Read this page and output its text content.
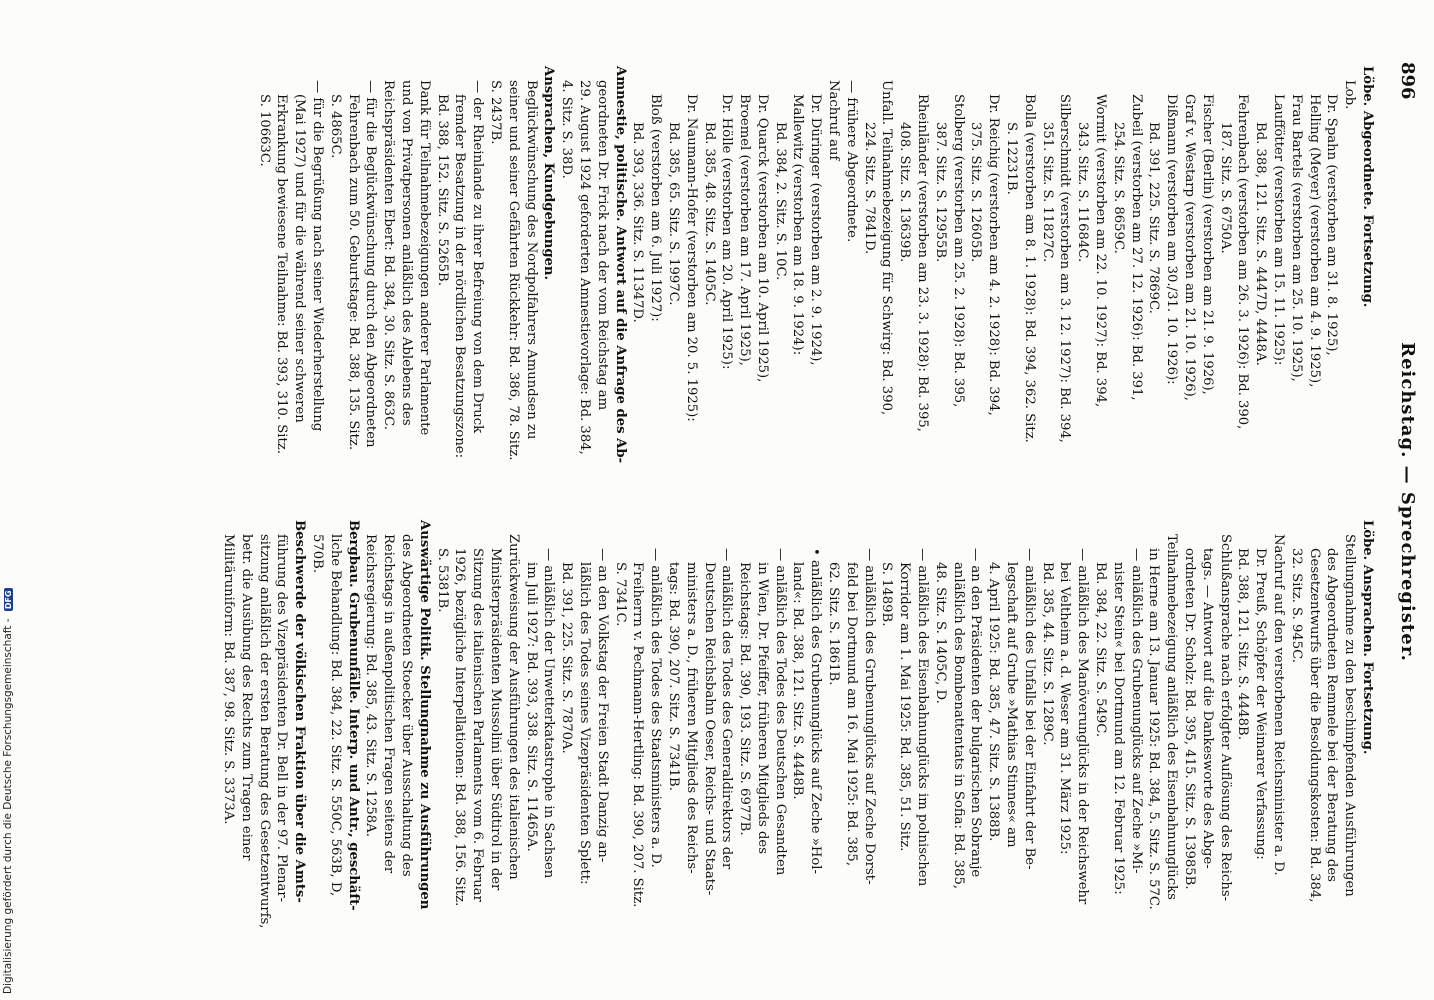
896
Reichstag. — Sprechregister.
Löbe. Abgeordnete. Fortsetzung.
Lob.
Dr. Spahn (verstorben am 31. 8. 1925),
Helling (Meyer) (verstorben am 4. 9. 1925),
Frau Bartels (verstorben am 25. 10. 1925),
Lauffötter (verstorben am 15. 11. 1925):
Bd. 388, 121. Sitz. S. 4447D, 4448A.
Fehrenbach (verstorben am 26. 3. 1926): Bd. 390,
187. Sitz. S. 6750A.
Fischer (Berlin) (verstorben am 21. 9. 1926),
Graf v. Westarp (verstorben am 21. 10. 1926),
Dißmann (verstorben am 30./31. 10. 1926):
Bd. 391, 225. Sitz. S. 7869C.
Zubeil (verstorben am 27. 12. 1926): Bd. 391,
254. Sitz. S. 8659C.
Wormit (verstorben am 22. 10. 1927): Bd. 394,
343. Sitz. S. 11684C.
Silberschmidt (verstorben am 3. 12. 1927): Bd. 394,
351. Sitz. S. 11827C.
Bolla (verstorben am 8. 1. 1928): Bd. 394, 362. Sitz.
S. 12231B.
Dr. Reichig (verstorben am 4. 2. 1928): Bd. 394,
375. Sitz. S. 12605B.
Stolberg (verstorben am 25. 2. 1928): Bd. 395,
387. Sitz. S. 12955B.
Rheinländer (verstorben am 23. 3. 1928): Bd. 395,
408. Sitz. S. 13639B.
Unfall. Teilnahmebezeigung für Schwirg: Bd. 390,
224. Sitz. S. 7841D.
— frühere Abgeordnete.
Nachruf auf
Dr. Düringer (verstorben am 2. 9. 1924),
Mallewitz (verstorben am 18. 9. 1924):
Bd. 384, 2. Sitz. S. 10C.
Dr. Quarck (verstorben am 10. April 1925),
Broemel (verstorben am 17. April 1925),
Dr. Hölle (verstorben am 20. April 1925):
Bd. 385, 48. Sitz. S. 1405C.
Dr. Naumann-Hofer (verstorben am 20. 5. 1925):
Bd. 385, 65. Sitz. S. 1997C.
Bloß (verstorben am 6. Juli 1927):
Bd. 393, 336. Sitz. S. 11347D.
Amnestie, politische. Antwort auf die Anfrage des Ab-
geordneten Dr. Frick nach der vom Reichstag am
29. August 1924 geforderten Amnestievorlage: Bd. 384,
4. Sitz. S. 38D.
Ansprachen, Kundgebungen.
Beglückwünschung des Nordpolfahrers Amundsen zu
seiner und seiner Gefährten Rückkehr: Bd. 386, 78. Sitz.
S. 2437B.
— der Rheinlande zu ihrer Befreiung von dem Druck
fremder Besatzung in der nördlichen Besatzungszone:
Bd. 388, 152. Sitz. S. 5265B.
Dank für Teilnahmebezeigungen anderer Parlamente
und von Privatpersonen anläßlich des Ablebens des
Reichspräsidenten Ebert: Bd. 384, 30. Sitz. S. 863C.
— für die Beglückwünschung durch den Abgeordneten
Fehrenbach zum 50. Geburtstage: Bd. 388, 135. Sitz.
S. 4865C.
— für die Begrüßung nach seiner Wiederherstellung
(Mai 1927) und für die während seiner schweren
Erkrankung bewiesene Teilnahme: Bd. 393, 310. Sitz.
S. 10663C.
Löbe. Ansprachen. Fortsetzung.
Stellungnahme zu den beschimpfenden Ausführungen
des Abgeordneten Remmele bei der Beratung des
Gesetzentwurfs über die Besoldungskosten: Bd. 384,
32. Sitz. S. 945C.
Nachruf auf den verstorbenen Reichsminister a. D.
Dr. Preuß, Schöpfer der Weimarer Verfassung:
Bd. 388, 121. Sitz. S. 4448B.
Schlußansprache nach erfolgter Auflösung des Reichs-
tags. — Antwort auf die Dankesworte des Abge-
ordneten Dr. Scholz: Bd. 395, 415. Sitz. S. 13985B.
Teilnahmebezeigung anläßlich des Eisenbahnunglücks
in Herne am 13. Januar 1925: Bd. 384, 5. Sitz. S. 57C.
— anläßlich des Grubenunglücks auf Zeche »Mi-
nister Stein« bei Dortmund am 12. Februar 1925:
Bd. 384, 22. Sitz. S. 549C.
— anläßlich des Manöverunglücks in der Reichswehr
bei Veltheim a. d. Weser am 31. März 1925:
Bd. 385, 44. Sitz. S. 1289C.
— anläßlich des Unfalls bei der Einfahrt der Be-
legschaft auf Grube »Mathias Stinnes« am
4. April 1925: Bd. 385, 47. Sitz. S. 1388B.
— an den Präsidenten der bulgarischen Sobranje
anläßlich des Bombenattentats in Sofia: Bd. 385,
48. Sitz. S. 1405C, D.
— anläßlich des Eisenbahnunglücks im polnischen
Korridor am 1. Mai 1925: Bd. 385, 51. Sitz.
S. 1489B.
— anläßlich des Grubenunglücks auf Zeche Dorst-
feld bei Dortmund am 16. Mai 1925: Bd. 385,
62. Sitz. S. 1861B.
• anläßlich des Grubenunglücks auf Zeche »Hol-
land«: Bd. 388, 121. Sitz. S. 4448B.
— anläßlich des Todes des Deutschen Gesandten
in Wien, Dr. Pfeiffer, früheren Mitglieds des
Reichstags: Bd. 390, 193. Sitz. S. 6977B.
— anläßlich des Todes des Generaldirektors der
Deutschen Reichsbahn Oeser, Reichs- und Staats-
ministers a. D., früheren Mitglieds des Reichs-
tags: Bd. 390, 207. Sitz. S. 7341B.
— anläßlich des Todes des Staatsministers a. D.
Freiherrn v. Pechmann-Hertling: Bd. 390, 207. Sitz.
S. 7341C.
— an den Volkstag der Freien Stadt Danzig an-
läßlich des Todes seines Vizepräsidenten Splett:
Bd. 391, 225. Sitz. S. 7870A.
— anläßlich der Unwetterkatastrophe in Sachsen
im Juli 1927: Bd. 393, 338. Sitz. S. 11465A.
Zurückweisung der Ausführungen des italienischen
Ministerpräsidenten Mussolini über Südtirol in der
Sitzung des italienischen Parlaments vom 6. Februar
1926, bezügliche Interpellationen: Bd. 388, 156. Sitz.
S. 5381B.
Auswärtige Politik. Stellungnahme zu Ausführungen
des Abgeordneten Stoecker über Ausschaltung des
Reichstags in außenpolitischen Fragen seitens der
Reichsregierung: Bd. 385, 43. Sitz. S. 1258A.
Bergbau. Grubenunfälle. Interp. und Antr., geschäft-
liche Behandlung: Bd. 384, 22. Sitz. S. 550C, 563B, D,
570B.
Beschwerde der völkischen Fraktion über die Amts-
führung des Vizepräsidenten Dr. Bell in der 97. Plenar-
sitzung anläßlich der ersten Beratung des Gesetzentwurfs,
betr. die Ausübung des Rechts zum Tragen einer
Militäruniform: Bd. 387, 98. Sitz. S. 3373A.
Digitalisierung gefördert durch die Deutsche Forschungsgemeinschaft - DFG
